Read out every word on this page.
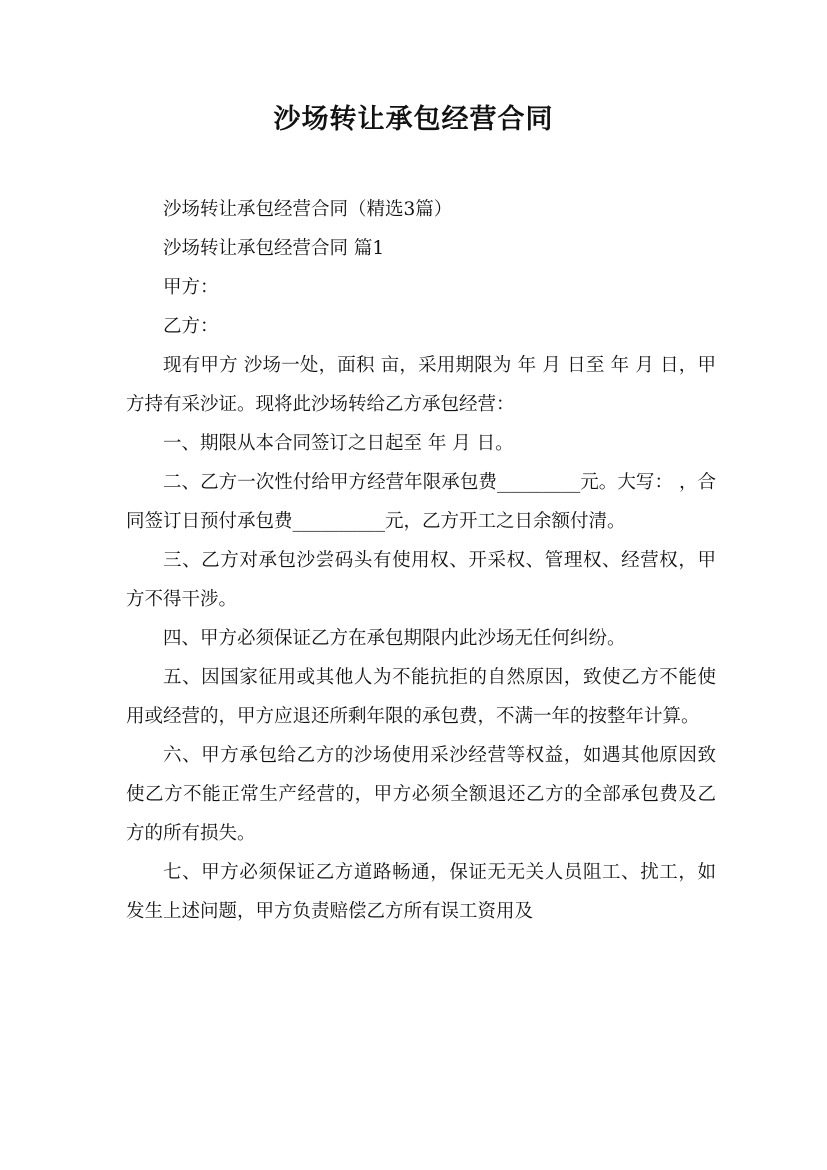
沙场转让承包经营合同

沙场转让承包经营合同（精选3篇）

沙场转让承包经营合同 篇1

甲方：

乙方：

现有甲方 沙场一处，面积 亩，采用期限为 年 月 日至 年 月 日，甲方持有采沙证。现将此沙场转给乙方承包经营：

一、期限从本合同签订之日起至 年 月 日。

二、乙方一次性付给甲方经营年限承包费_________元。大写： ，合同签订日预付承包费__________元，乙方开工之日余额付清。

三、乙方对承包沙尝码头有使用权、开采权、管理权、经营权，甲方不得干涉。

四、甲方必须保证乙方在承包期限内此沙场无任何纠纷。

五、因国家征用或其他人为不能抗拒的自然原因，致使乙方不能使用或经营的，甲方应退还所剩年限的承包费，不满一年的按整年计算。

六、甲方承包给乙方的沙场使用采沙经营等权益，如遇其他原因致使乙方不能正常生产经营的，甲方必须全额退还乙方的全部承包费及乙方的所有损失。

七、甲方必须保证乙方道路畅通，保证无无关人员阻工、扰工，如发生上述问题，甲方负责赔偿乙方所有误工资用及
